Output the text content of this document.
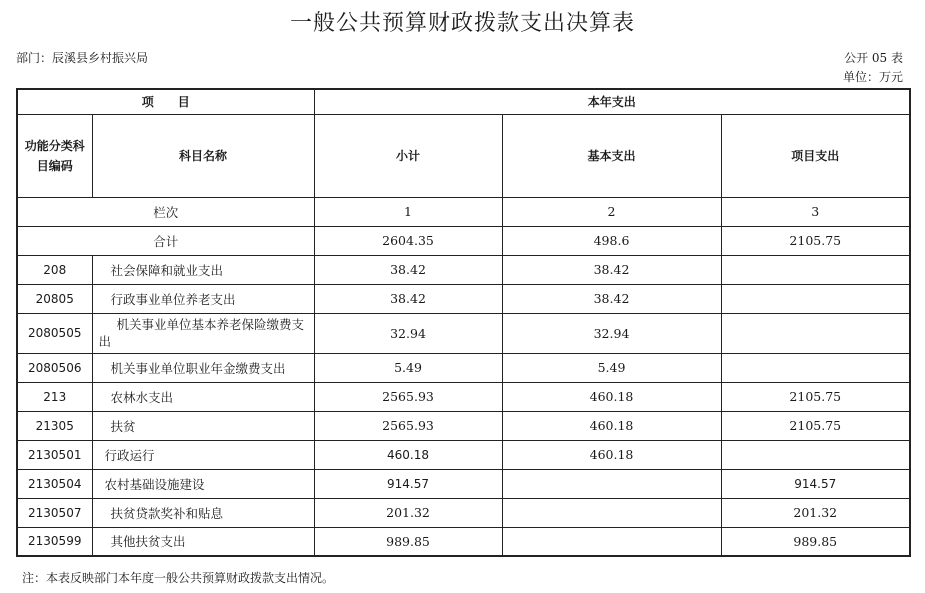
一般公共预算财政拨款支出决算表
部门：辰溪县乡村振兴局	公开 05 表
单位：万元
项　　目		本年支出		
功能分类科目编码	科目名称	小计	基本支出	项目支出
栏次		1	2	3
合计		2604.35	498.6	2105.75
208	社会保障和就业支出	38.42	38.42	
20805	行政事业单位养老支出	38.42	38.42	
2080505	机关事业单位基本养老保险缴费支出	32.94	32.94	
2080506	机关事业单位职业年金缴费支出	5.49	5.49	
213	农林水支出	2565.93	460.18	2105.75
21305	扶贫	2565.93	460.18	2105.75
2130501	行政运行	460.18	460.18	
2130504	农村基础设施建设	914.57		914.57
2130507	扶贫贷款奖补和贴息	201.32		201.32
2130599	其他扶贫支出	989.85		989.85
注：本表反映部门本年度一般公共预算财政拨款支出情况。
